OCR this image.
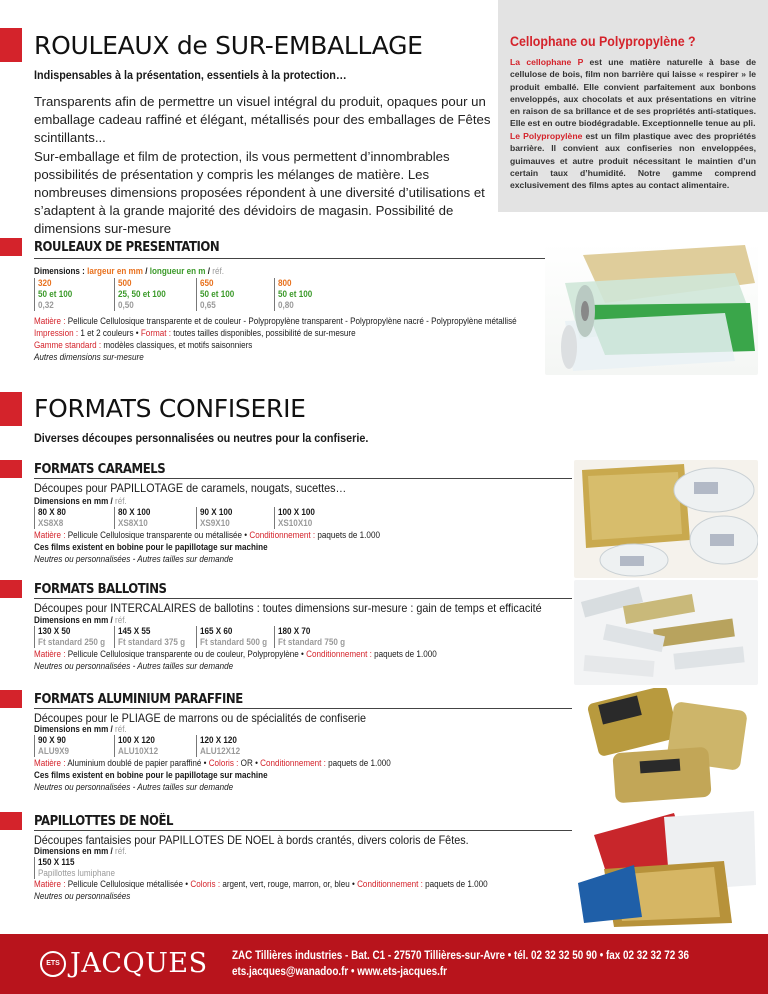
ROULEAUX de SUR-EMBALLAGE
Indispensables à la présentation, essentiels à la protection…
Transparents afin de permettre un visuel intégral du produit, opaques pour un emballage cadeau raffiné et élégant, métallisés pour des emballages de Fêtes scintillants...
Sur-emballage et film de protection, ils vous permettent d’innombrables possibilités de présentation y compris les mélanges de matière. Les nombreuses dimensions proposées répondent à une diversité d’utilisations et s’adaptent à la grande majorité des dévidoirs de magasin. Possibilité de dimensions sur-mesure
Cellophane ou Polypropylène ?
La cellophane P est une matière naturelle à base de cellulose de bois, film non barrière qui laisse « respirer » le produit emballé. Elle convient parfaitement aux bonbons enveloppés, aux chocolats et aux présentations en vitrine en raison de sa brillance et de ses propriétés anti-statiques. Elle est en outre biodégradable. Exceptionnelle tenue au pli.
Le Polypropylène est un film plastique avec des propriétés barrière. Il convient aux confiseries non enveloppées, guimauves et autre produit nécessitant le maintien d’un certain taux d’humidité. Notre gamme comprend exclusivement des films aptes au contact alimentaire.
ROULEAUX DE PRESENTATION
Dimensions : largeur en mm / longueur en m / réf.
320
50 et 100
0,32
500
25, 50 et 100
0,50
650
50 et 100
0,65
800
50 et 100
0,80
Matière : Pellicule Cellulosique transparente et de couleur - Polypropylène transparent - Polypropylène nacré - Polypropylène métallisé
Impression : 1 et 2 couleurs • Format : toutes tailles disponibles, possibilité de sur-mesure
Gamme standard : modèles classiques, et motifs saisonniers
Autres dimensions sur-mesure
FORMATS CONFISERIE
Diverses découpes personnalisées ou neutres pour la confiserie.
FORMATS CARAMELS
Découpes pour PAPILLOTAGE de caramels, nougats, sucettes…
Dimensions en mm / réf.
80 X 80
XS8X8
80 X 100
XS8X10
90 X 100
XS9X10
100 X 100
XS10X10
Matière : Pellicule Cellulosique transparente ou métallisée • Conditionnement : paquets de 1.000
Ces films existent en bobine pour le papillotage sur machine
Neutres ou personnalisées - Autres tailles sur demande
FORMATS BALLOTINS
Découpes pour INTERCALAIRES de ballotins : toutes dimensions sur-mesure : gain de temps et efficacité
Dimensions en mm / réf.
130 X 50
Ft standard 250 g
145 X 55
Ft standard 375 g
165 X 60
Ft standard 500 g
180 X 70
Ft standard 750 g
Matière : Pellicule Cellulosique transparente ou de couleur, Polypropylène • Conditionnement : paquets de 1.000
Neutres ou personnalisées - Autres tailles sur demande
FORMATS ALUMINIUM PARAFFINE
Découpes pour le PLIAGE de marrons ou de spécialités de confiserie
Dimensions en mm / réf.
90 X 90
ALU9X9
100 X 120
ALU10X12
120 X 120
ALU12X12
Matière : Aluminium doublé de papier paraffiné • Coloris : OR • Conditionnement : paquets de 1.000
Ces films existent en bobine pour le papillotage sur machine
Neutres ou personnalisées - Autres tailles sur demande
PAPILLOTTES DE NOËL
Découpes fantaisies pour PAPILLOTES DE NOEL à bords crantés, divers coloris de Fêtes.
Dimensions en mm / réf.
150 X 115
Papillottes lumiphane
Matière : Pellicule Cellulosique métallisée • Coloris : argent, vert, rouge, marron, or, bleu • Conditionnement : paquets de 1.000
Neutres ou personnalisées
ETS JACQUES ZAC Tillières industries - Bat. C1 - 27570 Tillières-sur-Avre • tél. 02 32 32 50 90 • fax 02 32 32 72 36
ets.jacques@wanadoo.fr • www.ets-jacques.fr
